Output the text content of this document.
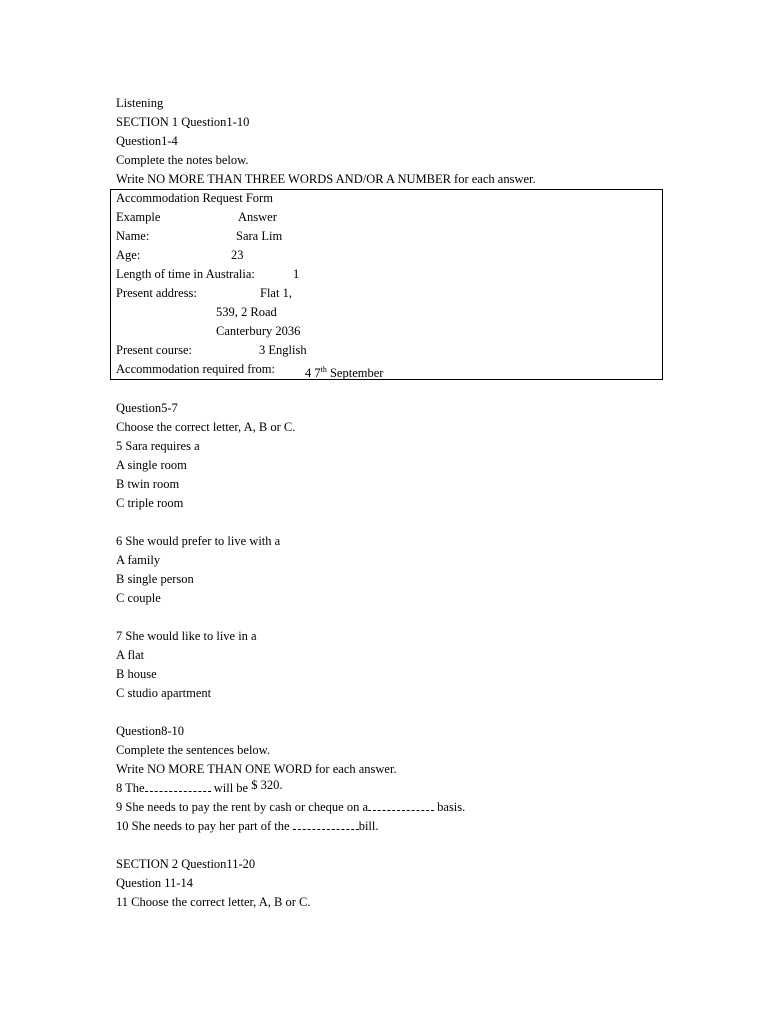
Listening
SECTION 1 Question1-10
Question1-4
Complete the notes below.
Write NO MORE THAN THREE WORDS AND/OR A NUMBER for each answer.
Accommodation Request Form
Example	Answer
Name:	Sara Lim
Age:	23
Length of time in Australia:	1
Present address:	Flat 1,
539, 2 Road
Canterbury 2036
Present course:	3 English
Accommodation required from: 4 7th September
Question5-7
Choose the correct letter, A, B or C.
5 Sara requires a
A single room
B twin room
C triple room
6 She would prefer to live with a
A family
B single person
C couple
7 She would like to live in a
A flat
B house
C studio apartment
Question8-10
Complete the sentences below.
Write NO MORE THAN ONE WORD for each answer.
8 The	will be $ 320.
9 She needs to pay the rent by cash or cheque on a	basis.
10 She needs to pay her part of the	bill.
SECTION 2 Question11-20
Question 11-14
11 Choose the correct letter, A, B or C.
